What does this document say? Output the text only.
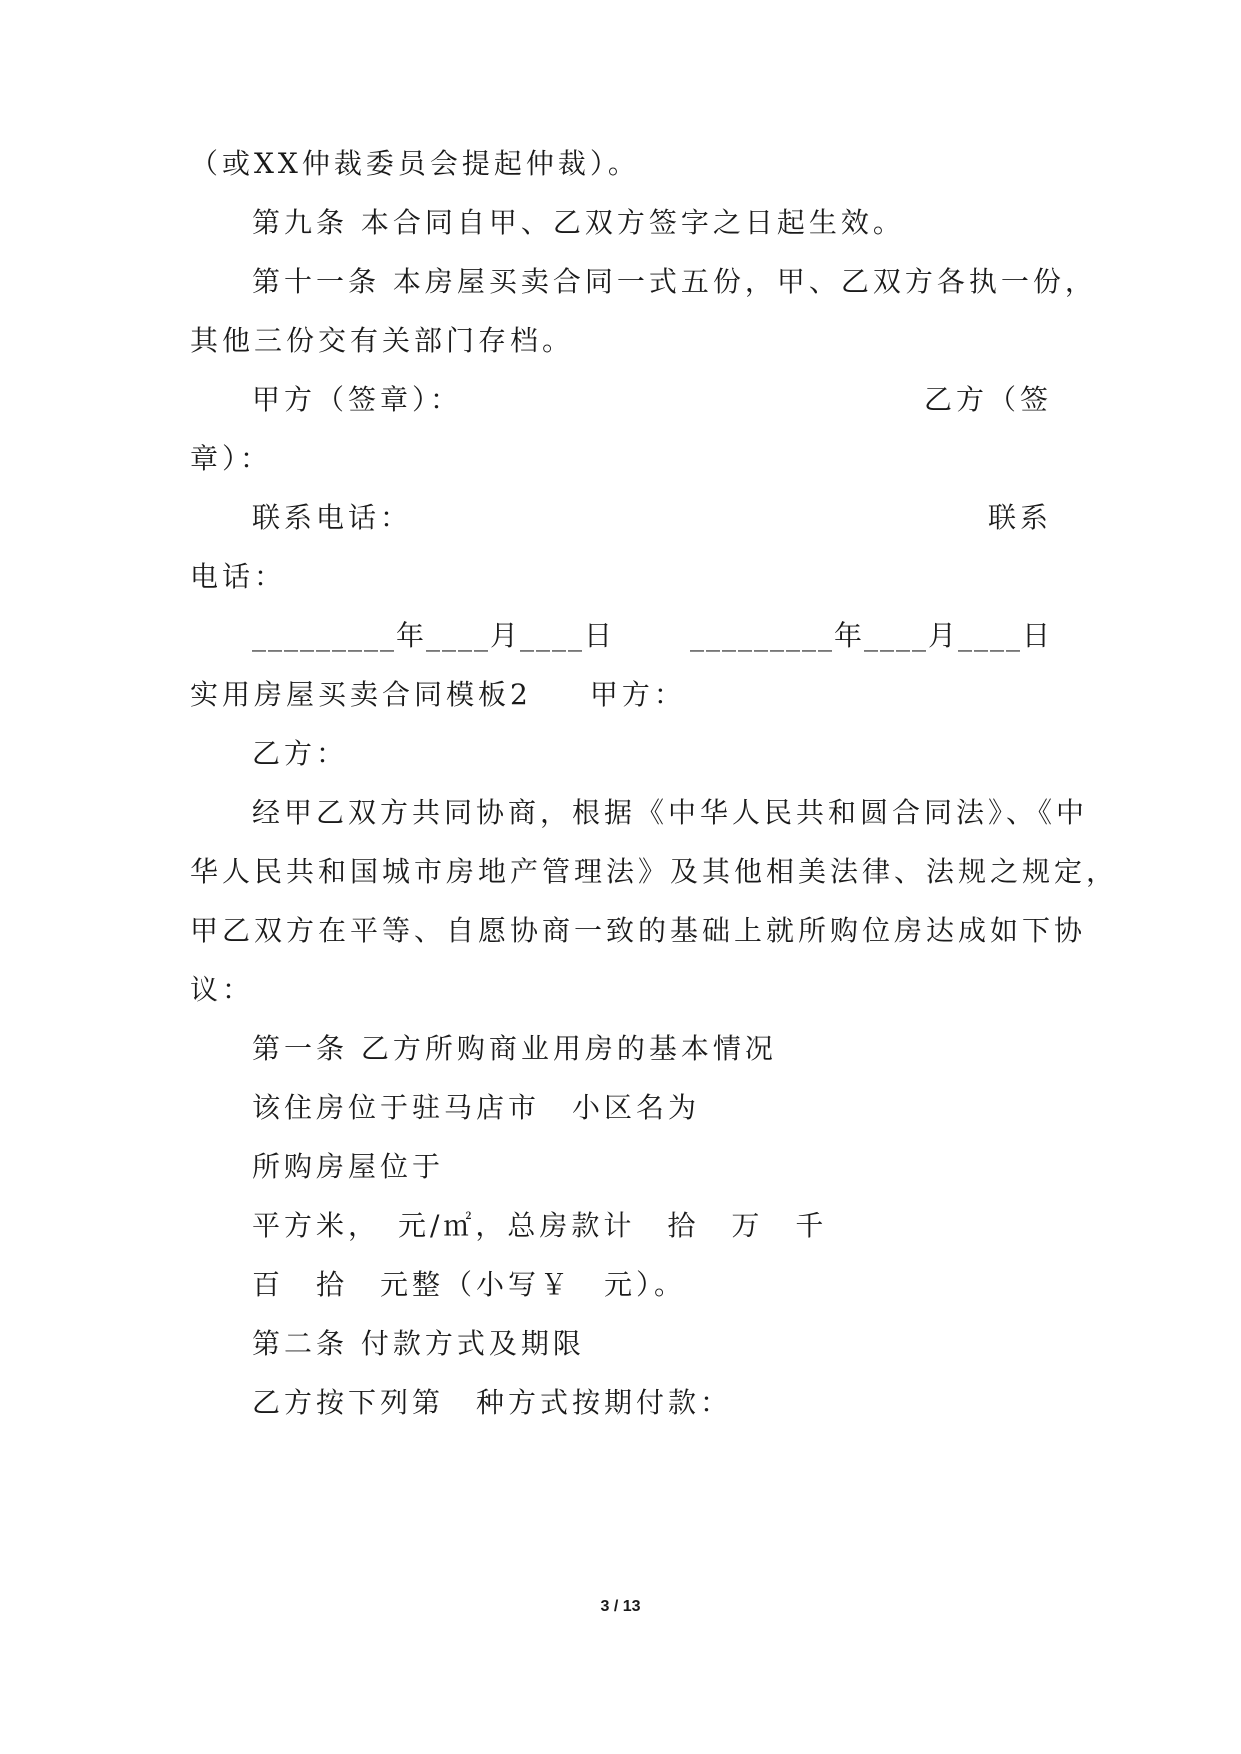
（或XX仲裁委员会提起仲裁）。
第九条 本合同自甲、乙双方签字之日起生效。
第十一条 本房屋买卖合同一式五份，甲、乙双方各执一份，
其他三份交有关部门存档。
甲方（签章）：	乙方（签
章）：
联系电话：	联系
电话：
_________年____月____日	_________年____月____日
实用房屋买卖合同模板2 甲方：
乙方：
经甲乙双方共同协商，根据《中华人民共和圆合同法》、《中
华人民共和国城市房地产管理法》及其他相美法律、法规之规定，
甲乙双方在平等、自愿协商一致的基础上就所购位房达成如下协
议：
第一条 乙方所购商业用房的基本情况
该住房位于驻马店市　小区名为
所购房屋位于
平方米，　元/㎡，总房款计　拾　万　千
百　拾　元整（小写￥　元）。
第二条 付款方式及期限
乙方按下列第　种方式按期付款：
3 / 13
